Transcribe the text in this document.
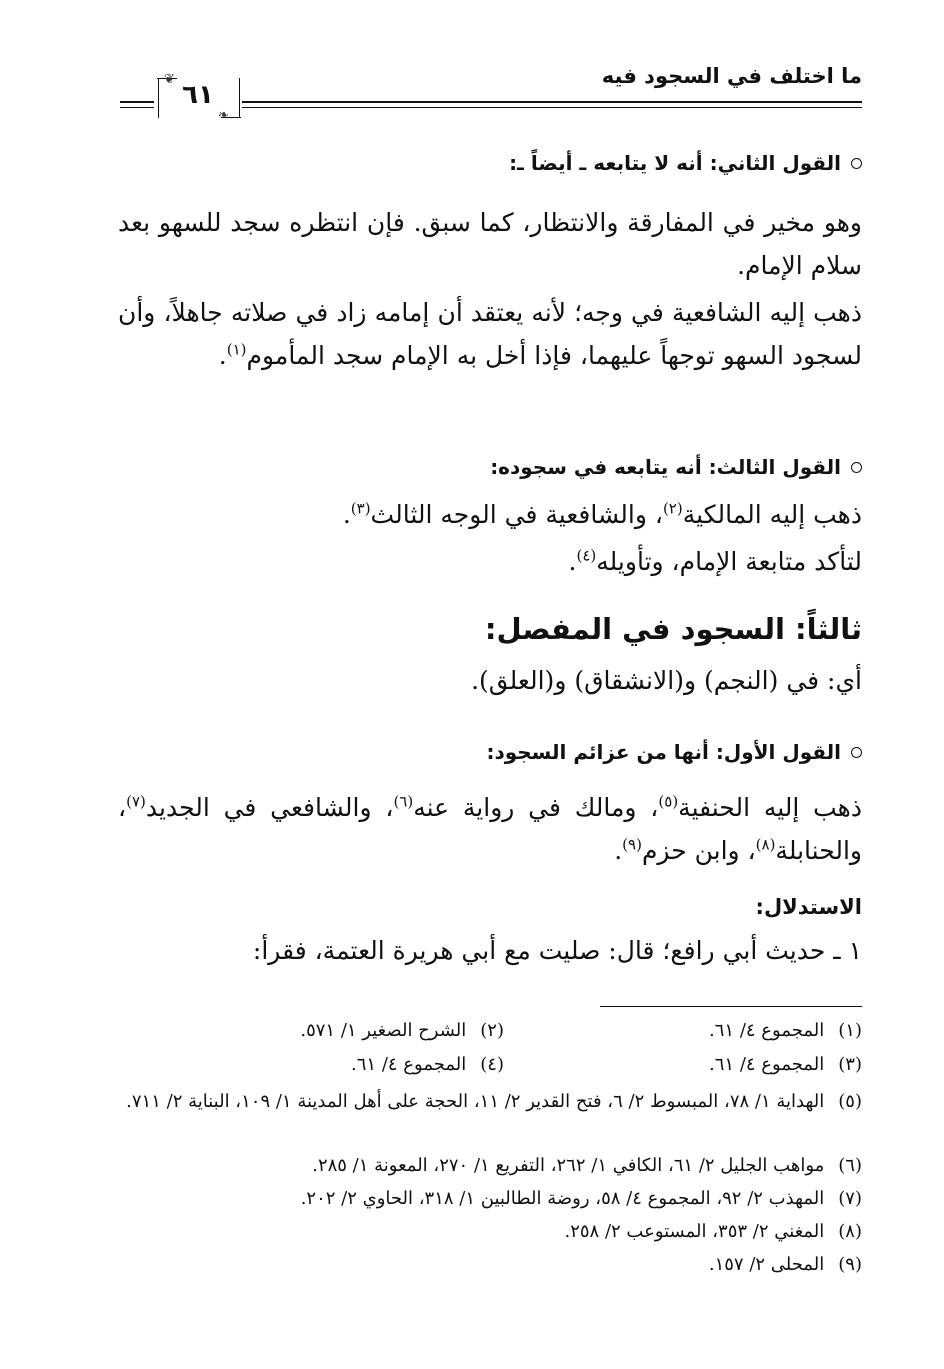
ما اختلف في السجود فيه
٦١
❦
❧
القول الثاني: أنه لا يتابعه ـ أيضاً ـ:
وهو مخير في المفارقة والانتظار، كما سبق. فإن انتظره سجد للسهو بعد سلام الإمام.
ذهب إليه الشافعية في وجه؛ لأنه يعتقد أن إمامه زاد في صلاته جاهلاً، وأن لسجود السهو توجهاً عليهما، فإذا أخل به الإمام سجد المأموم$^{(١)}$.
القول الثالث: أنه يتابعه في سجوده:
ذهب إليه المالكية$^{(٢)}$، والشافعية في الوجه الثالث$^{(٣)}$.
لتأكد متابعة الإمام، وتأويله$^{(٤)}$.
ثالثاً: السجود في المفصل:
أي: في (النجم) و(الانشقاق) و(العلق).
القول الأول: أنها من عزائم السجود:
ذهب إليه الحنفية$^{(٥)}$، ومالك في رواية عنه$^{(٦)}$، والشافعي في الجديد$^{(٧)}$، والحنابلة$^{(٨)}$، وابن حزم$^{(٩)}$.
الاستدلال:
١ ـ حديث أبي رافع؛ قال: صليت مع أبي هريرة العتمة، فقرأ:
(١)المجموع ٤/ ٦١.
(٢)الشرح الصغير ١/ ٥٧١.
(٣)المجموع ٤/ ٦١.
(٤)المجموع ٤/ ٦١.
(٥)الهداية ١/ ٧٨، المبسوط ٢/ ٦، فتح القدير ٢/ ١١، الحجة على أهل المدينة ١/ ١٠٩، البناية ٢/ ٧١١.
(٦)مواهب الجليل ٢/ ٦١، الكافي ١/ ٢٦٢، التفريع ١/ ٢٧٠، المعونة ١/ ٢٨٥.
(٧)المهذب ٢/ ٩٢، المجموع ٤/ ٥٨، روضة الطالبين ١/ ٣١٨، الحاوي ٢/ ٢٠٢.
(٨)المغني ٢/ ٣٥٣، المستوعب ٢/ ٢٥٨.
(٩)المحلى ٢/ ١٥٧.
